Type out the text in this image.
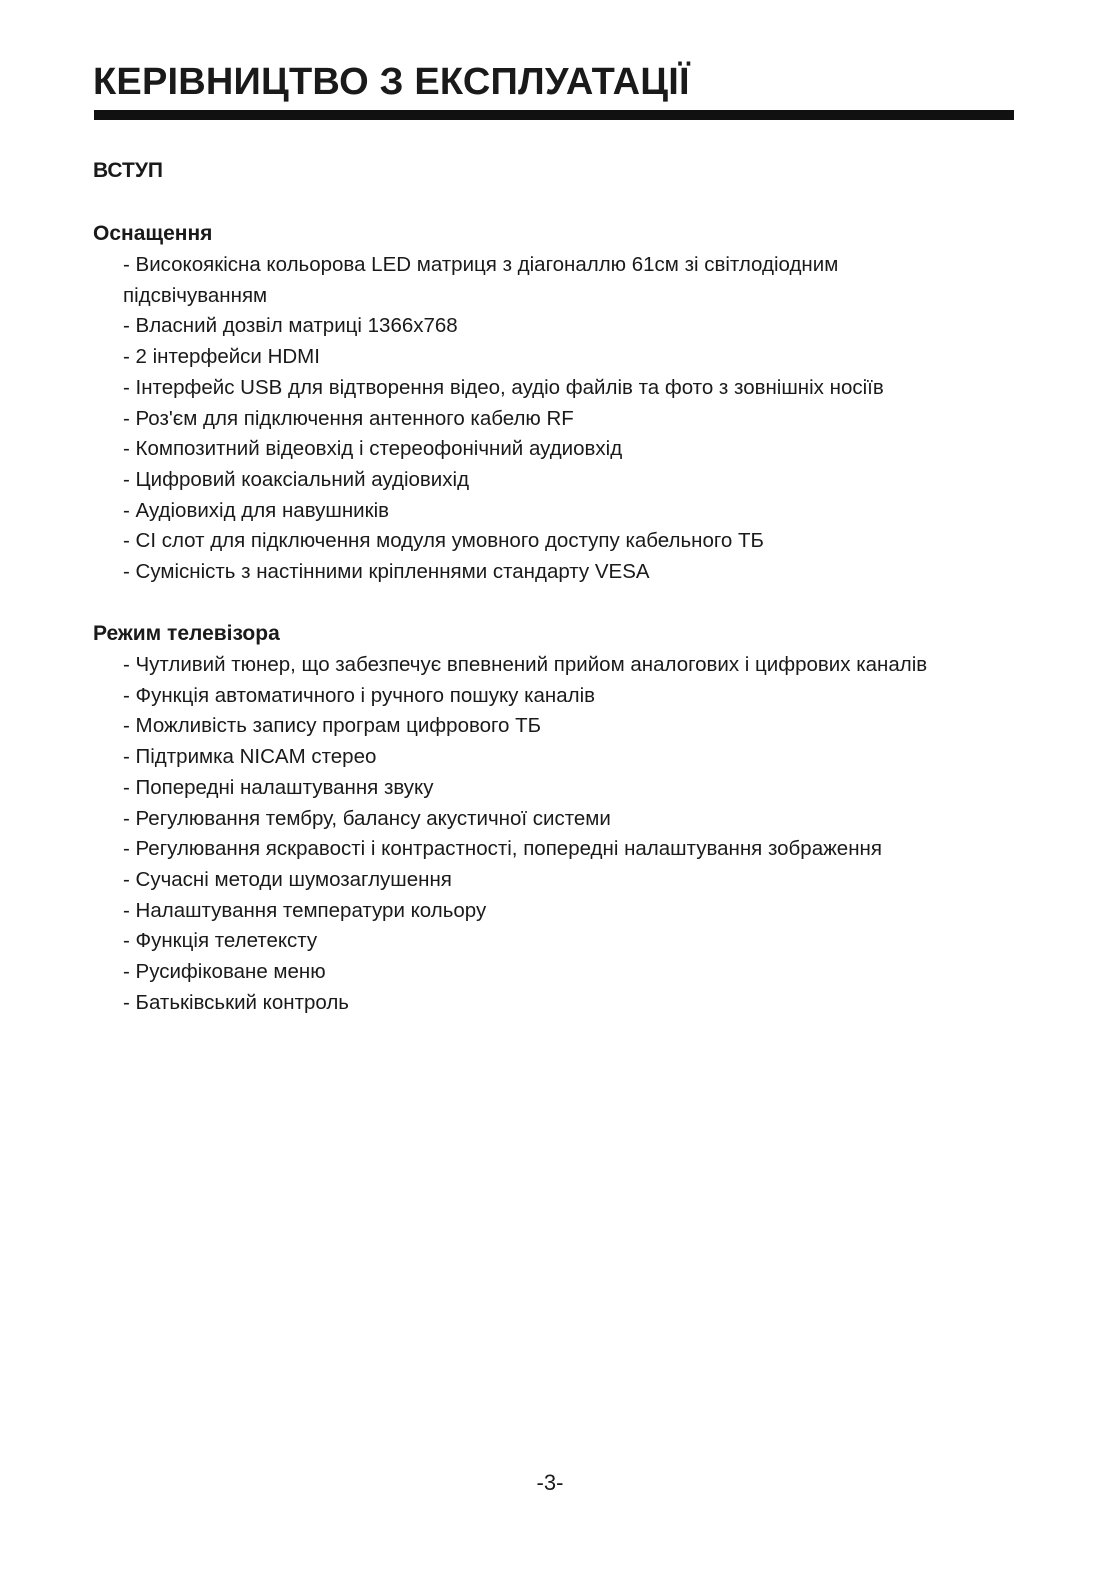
КЕРІВНИЦТВО З ЕКСПЛУАТАЦІЇ
ВСТУП
Оснащення
- Високоякісна кольорова LED матриця з діагоналлю 61см зі світлодіодним підсвічуванням
- Власний дозвіл матриці 1366x768
- 2 інтерфейси HDMI
- Інтерфейс USB для відтворення відео, аудіо файлів та фото з зовнішніх носіїв
- Роз'єм для підключення антенного кабелю RF
- Композитний відеовхід і стереофонічний аудиовхід
- Цифровий коаксіальний аудіовихід
- Аудіовихід для навушників
- CI слот для підключення модуля умовного доступу кабельного ТБ
- Сумісність з настінними кріпленнями стандарту VESA
Режим телевізора
- Чутливий тюнер, що забезпечує впевнений прийом аналогових і цифрових каналів
- Функція автоматичного і ручного пошуку каналів
- Можливість запису програм цифрового ТБ
- Підтримка NICAM стерео
- Попередні налаштування звуку
- Регулювання тембру, балансу акустичної системи
- Регулювання яскравості і контрастності, попередні налаштування зображення
- Сучасні методи шумозаглушення
- Налаштування температури кольору
- Функція телетексту
- Русифіковане меню
- Батьківський контроль
-3-
